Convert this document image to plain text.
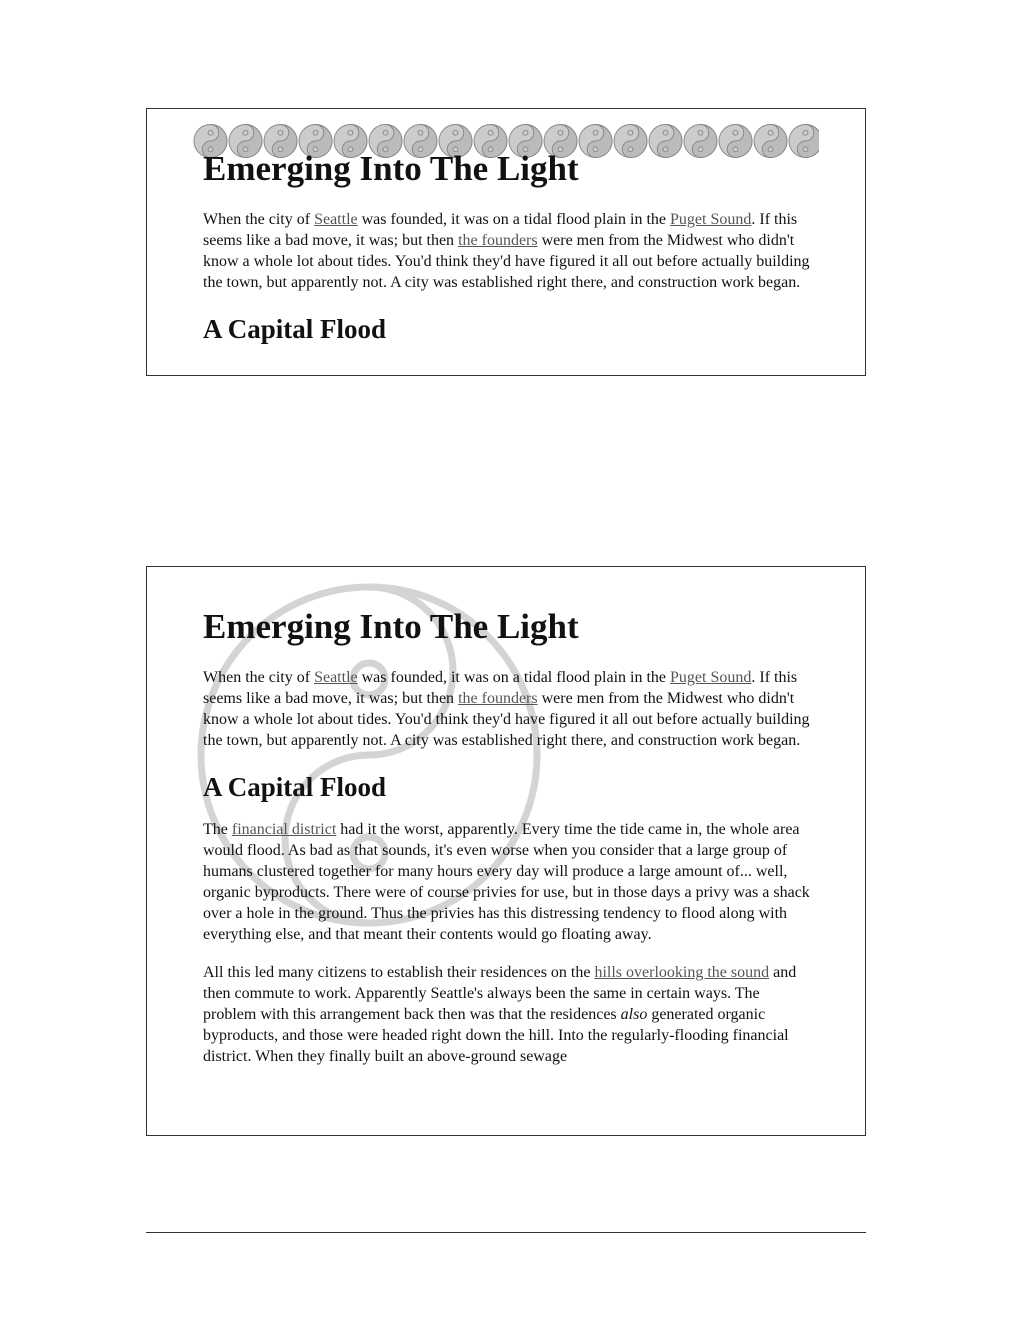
Emerging Into The Light

When the city of Seattle was founded, it was on a tidal flood plain in the Puget Sound. If this seems like a bad move, it was; but then the founders were men from the Midwest who didn't know a whole lot about tides. You'd think they'd have figured it all out before actually building the town, but apparently not. A city was established right there, and construction work began.

A Capital Flood
Emerging Into The Light

When the city of Seattle was founded, it was on a tidal flood plain in the Puget Sound. If this seems like a bad move, it was; but then the founders were men from the Midwest who didn't know a whole lot about tides. You'd think they'd have figured it all out before actually building the town, but apparently not. A city was established right there, and construction work began.

A Capital Flood

The financial district had it the worst, apparently. Every time the tide came in, the whole area would flood. As bad as that sounds, it's even worse when you consider that a large group of humans clustered together for many hours every day will produce a large amount of... well, organic byproducts. There were of course privies for use, but in those days a privy was a shack over a hole in the ground. Thus the privies has this distressing tendency to flood along with everything else, and that meant their contents would go floating away.

All this led many citizens to establish their residences on the hills overlooking the sound and then commute to work. Apparently Seattle's always been the same in certain ways. The problem with this arrangement back then was that the residences also generated organic byproducts, and those were headed right down the hill. Into the regularly-flooding financial district. When they finally built an above-ground sewage
